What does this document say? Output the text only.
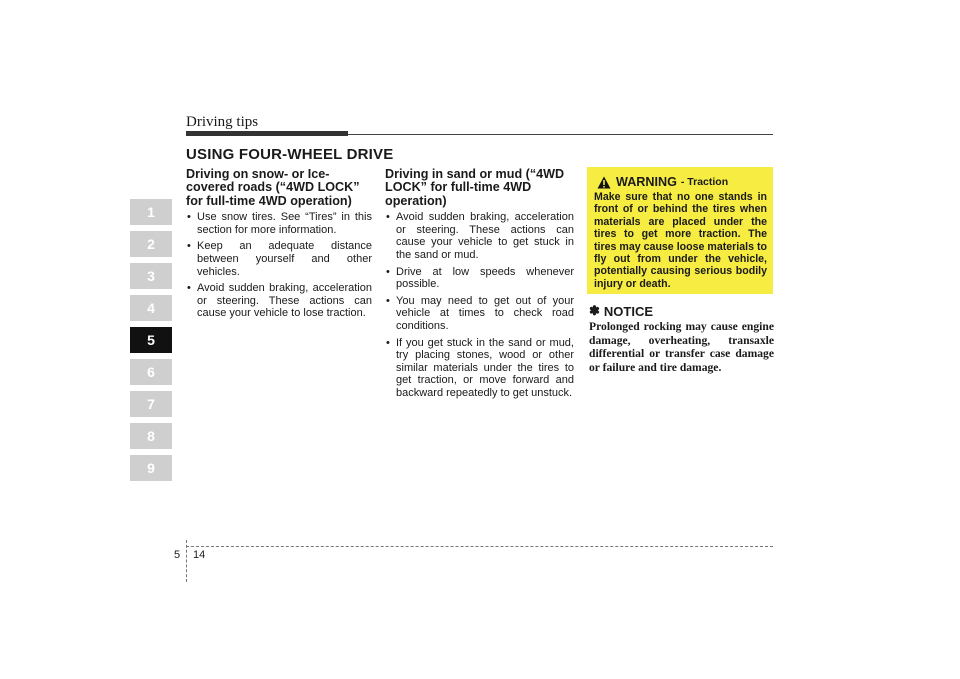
Driving tips
USING FOUR-WHEEL DRIVE
1
2
3
4
5
6
7
8
9
Driving on snow- or Ice-covered roads (“4WD LOCK” for full-time 4WD operation)
• Use snow tires. See “Tires” in this section for more information.
• Keep an adequate distance between yourself and other vehicles.
• Avoid sudden braking, acceleration or steering. These actions can cause your vehicle to lose traction.
Driving in sand or mud (“4WD LOCK” for full-time 4WD operation)
• Avoid sudden braking, acceleration or steering. These actions can cause your vehicle to get stuck in the sand or mud.
• Drive at low speeds whenever possible.
• You may need to get out of your vehicle at times to check road conditions.
• If you get stuck in the sand or mud, try placing stones, wood or other similar materials under the tires to get traction, or move forward and backward repeatedly to get unstuck.
WARNING - Traction
Make sure that no one stands in front of or behind the tires when materials are placed under the tires to get more traction. The tires may cause loose materials to fly out from under the vehicle, potentially causing serious bodily injury or death.
✽ NOTICE
Prolonged rocking may cause engine damage, overheating, transaxle differential or transfer case damage or failure and tire damage.
5 14
